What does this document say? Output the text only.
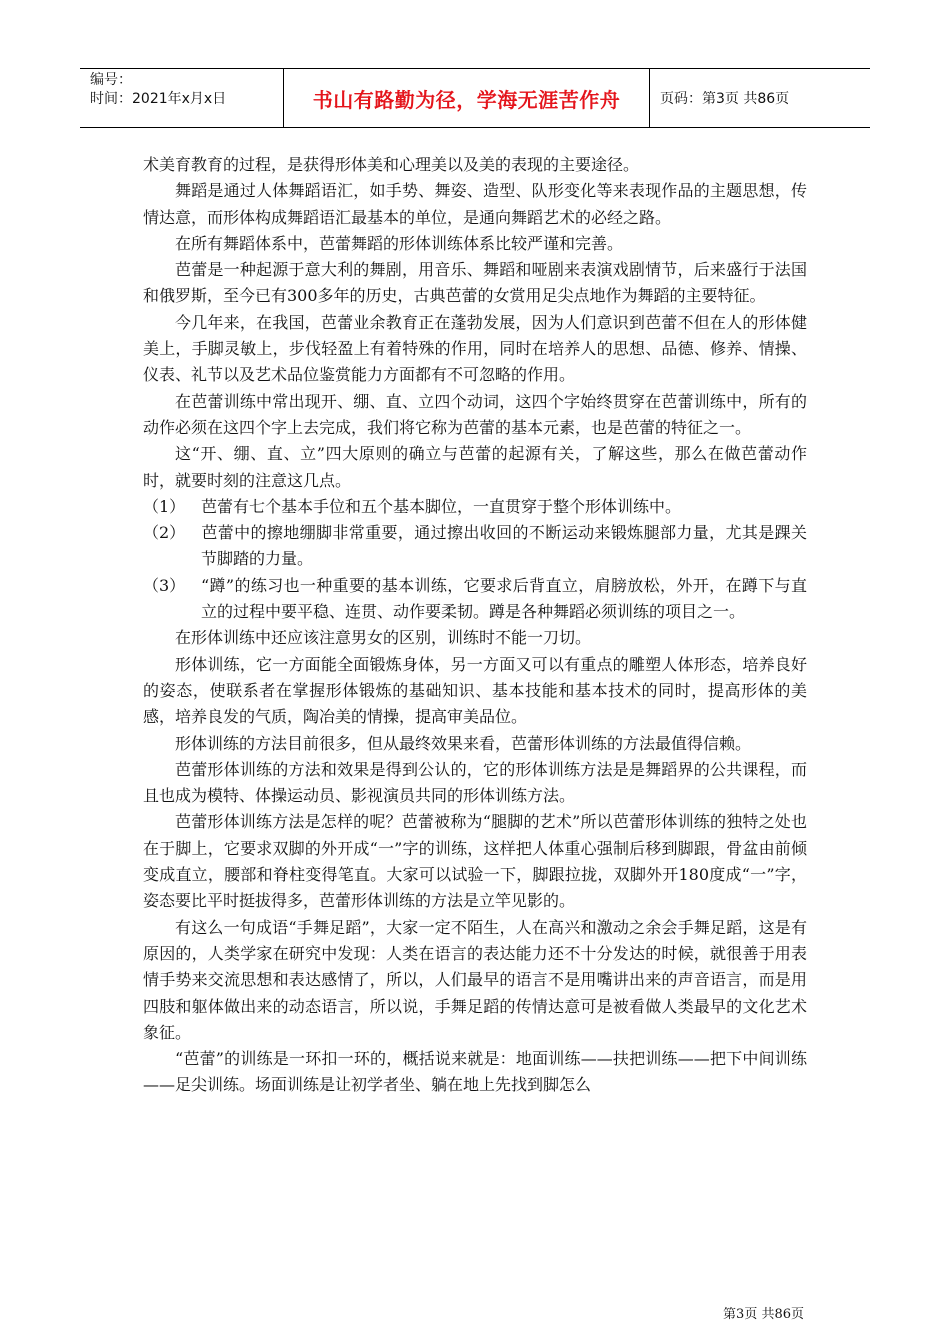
编号：
时间：2021年x月x日	书山有路勤为径，学海无涯苦作舟	页码：第3页 共86页

术美育教育的过程，是获得形体美和心理美以及美的表现的主要途径。

舞蹈是通过人体舞蹈语汇，如手势、舞姿、造型、队形变化等来表现作品的主题思想，传情达意，而形体构成舞蹈语汇最基本的单位，是通向舞蹈艺术的必经之路。

在所有舞蹈体系中，芭蕾舞蹈的形体训练体系比较严谨和完善。

芭蕾是一种起源于意大利的舞剧，用音乐、舞蹈和哑剧来表演戏剧情节，后来盛行于法国和俄罗斯，至今已有300多年的历史，古典芭蕾的女赏用足尖点地作为舞蹈的主要特征。

今几年来，在我国，芭蕾业余教育正在蓬勃发展，因为人们意识到芭蕾不但在人的形体健美上，手脚灵敏上，步伐轻盈上有着特殊的作用，同时在培养人的思想、品德、修养、情操、仪表、礼节以及艺术品位鉴赏能力方面都有不可忽略的作用。

在芭蕾训练中常出现开、绷、直、立四个动词，这四个字始终贯穿在芭蕾训练中，所有的动作必须在这四个字上去完成，我们将它称为芭蕾的基本元素，也是芭蕾的特征之一。

这“开、绷、直、立”四大原则的确立与芭蕾的起源有关，了解这些，那么在做芭蕾动作时，就要时刻的注意这几点。

（1） 芭蕾有七个基本手位和五个基本脚位，一直贯穿于整个形体训练中。

（2） 芭蕾中的擦地绷脚非常重要，通过擦出收回的不断运动来锻炼腿部力量，尤其是踝关节脚踏的力量。

（3） “蹲”的练习也一种重要的基本训练，它要求后背直立，肩膀放松，外开，在蹲下与直立的过程中要平稳、连贯、动作要柔韧。蹲是各种舞蹈必须训练的项目之一。

在形体训练中还应该注意男女的区别，训练时不能一刀切。

形体训练，它一方面能全面锻炼身体，另一方面又可以有重点的雕塑人体形态，培养良好的姿态，使联系者在掌握形体锻炼的基础知识、基本技能和基本技术的同时，提高形体的美感，培养良发的气质，陶冶美的情操，提高审美品位。

形体训练的方法目前很多，但从最终效果来看，芭蕾形体训练的方法最值得信赖。

芭蕾形体训练的方法和效果是得到公认的，它的形体训练方法是是舞蹈界的公共课程，而且也成为模特、体操运动员、影视演员共同的形体训练方法。

芭蕾形体训练方法是怎样的呢？芭蕾被称为“腿脚的艺术”所以芭蕾形体训练的独特之处也在于脚上，它要求双脚的外开成“一”字的训练，这样把人体重心强制后移到脚跟，骨盆由前倾变成直立，腰部和脊柱变得笔直。大家可以试验一下，脚跟拉拢，双脚外开180度成“一”字，姿态要比平时挺拔得多，芭蕾形体训练的方法是立竿见影的。

有这么一句成语“手舞足蹈”，大家一定不陌生，人在高兴和激动之余会手舞足蹈，这是有原因的，人类学家在研究中发现：人类在语言的表达能力还不十分发达的时候，就很善于用表情手势来交流思想和表达感情了，所以，人们最早的语言不是用嘴讲出来的声音语言，而是用四肢和躯体做出来的动态语言，所以说，手舞足蹈的传情达意可是被看做人类最早的文化艺术象征。

“芭蕾”的训练是一环扣一环的，概括说来就是：地面训练——扶把训练——把下中间训练——足尖训练。场面训练是让初学者坐、躺在地上先找到脚怎么

第3页 共86页
